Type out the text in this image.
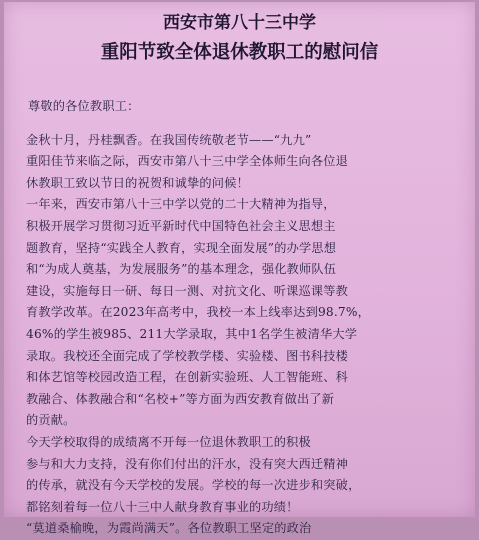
西安市第八十三中学
重阳节致全体退休教职工的慰问信
尊敬的各位教职工：
金秋十月，丹桂飘香。在我国传统敬老节——“九九”
重阳佳节来临之际，西安市第八十三中学全体师生向各位退
休教职工致以节日的祝贺和诚挚的问候！
一年来，西安市第八十三中学以党的二十大精神为指导，
积极开展学习贯彻习近平新时代中国特色社会主义思想主
题教育，坚持“实践全人教育，实现全面发展”的办学思想
和“为成人奠基，为发展服务”的基本理念，强化教师队伍
建设，实施每日一研、每日一测、对抗文化、听课巡课等教
育教学改革。在2023年高考中，我校一本上线率达到98.7%，
46%的学生被985、211大学录取，其中1名学生被清华大学
录取。我校还全面完成了学校教学楼、实验楼、图书科技楼
和体艺馆等校园改造工程，在创新实验班、人工智能班、科
教融合、体教融合和“名校+”等方面为西安教育做出了新
的贡献。
今天学校取得的成绩离不开每一位退休教职工的积极
参与和大力支持，没有你们付出的汗水，没有突大西迁精神
的传承，就没有今天学校的发展。学校的每一次进步和突破，
都铭刻着每一位八十三中人献身教育事业的功绩！
“莫道桑榆晚，为霞尚满天”。各位教职工坚定的政治
